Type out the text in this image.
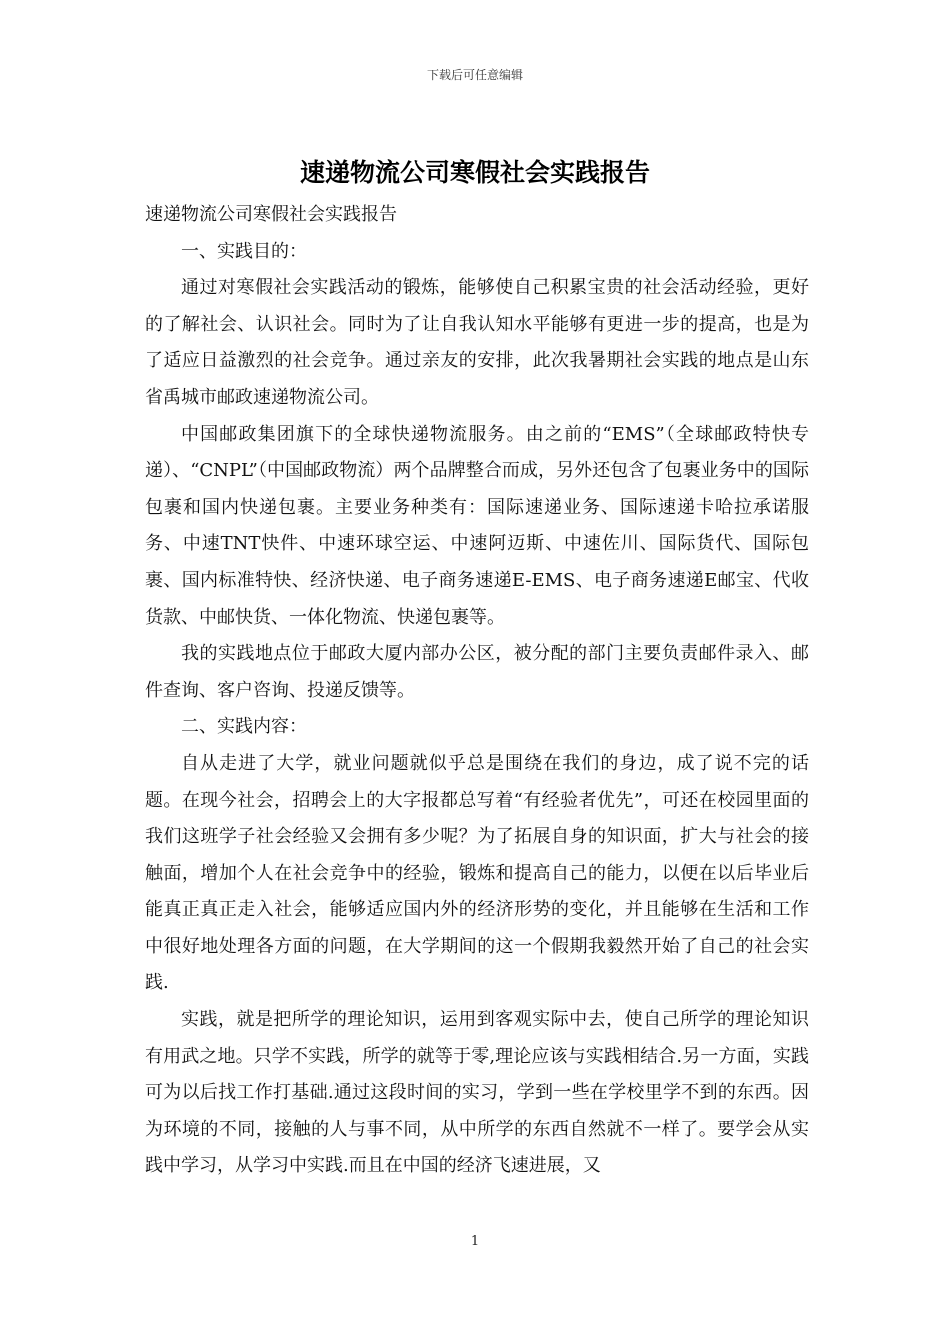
下载后可任意编辑
速递物流公司寒假社会实践报告

速递物流公司寒假社会实践报告

一、实践目的：

通过对寒假社会实践活动的锻炼，能够使自己积累宝贵的社会活动经验，更好的了解社会、认识社会。同时为了让自我认知水平能够有更进一步的提高，也是为了适应日益激烈的社会竞争。通过亲友的安排，此次我暑期社会实践的地点是山东省禹城市邮政速递物流公司。

中国邮政集团旗下的全球快递物流服务。由之前的“EMS”（全球邮政特快专递）、“CNPL”（中国邮政物流）两个品牌整合而成，另外还包含了包裹业务中的国际包裹和国内快递包裹。主要业务种类有：国际速递业务、国际速递卡哈拉承诺服务、中速TNT快件、中速环球空运、中速阿迈斯、中速佐川、国际货代、国际包裹、国内标准特快、经济快递、电子商务速递E-EMS、电子商务速递E邮宝、代收货款、中邮快货、一体化物流、快递包裹等。

我的实践地点位于邮政大厦内部办公区，被分配的部门主要负责邮件录入、邮件查询、客户咨询、投递反馈等。

二、实践内容：

自从走进了大学，就业问题就似乎总是围绕在我们的身边，成了说不完的话题。在现今社会，招聘会上的大字报都总写着“有经验者优先”，可还在校园里面的我们这班学子社会经验又会拥有多少呢？为了拓展自身的知识面，扩大与社会的接触面，增加个人在社会竞争中的经验，锻炼和提高自己的能力，以便在以后毕业后能真正真正走入社会，能够适应国内外的经济形势的变化，并且能够在生活和工作中很好地处理各方面的问题，在大学期间的这一个假期我毅然开始了自己的社会实践.

实践，就是把所学的理论知识，运用到客观实际中去，使自己所学的理论知识有用武之地。只学不实践，所学的就等于零,理论应该与实践相结合.另一方面，实践可为以后找工作打基础.通过这段时间的实习，学到一些在学校里学不到的东西。因为环境的不同，接触的人与事不同，从中所学的东西自然就不一样了。要学会从实践中学习，从学习中实践.而且在中国的经济飞速进展，又

1
